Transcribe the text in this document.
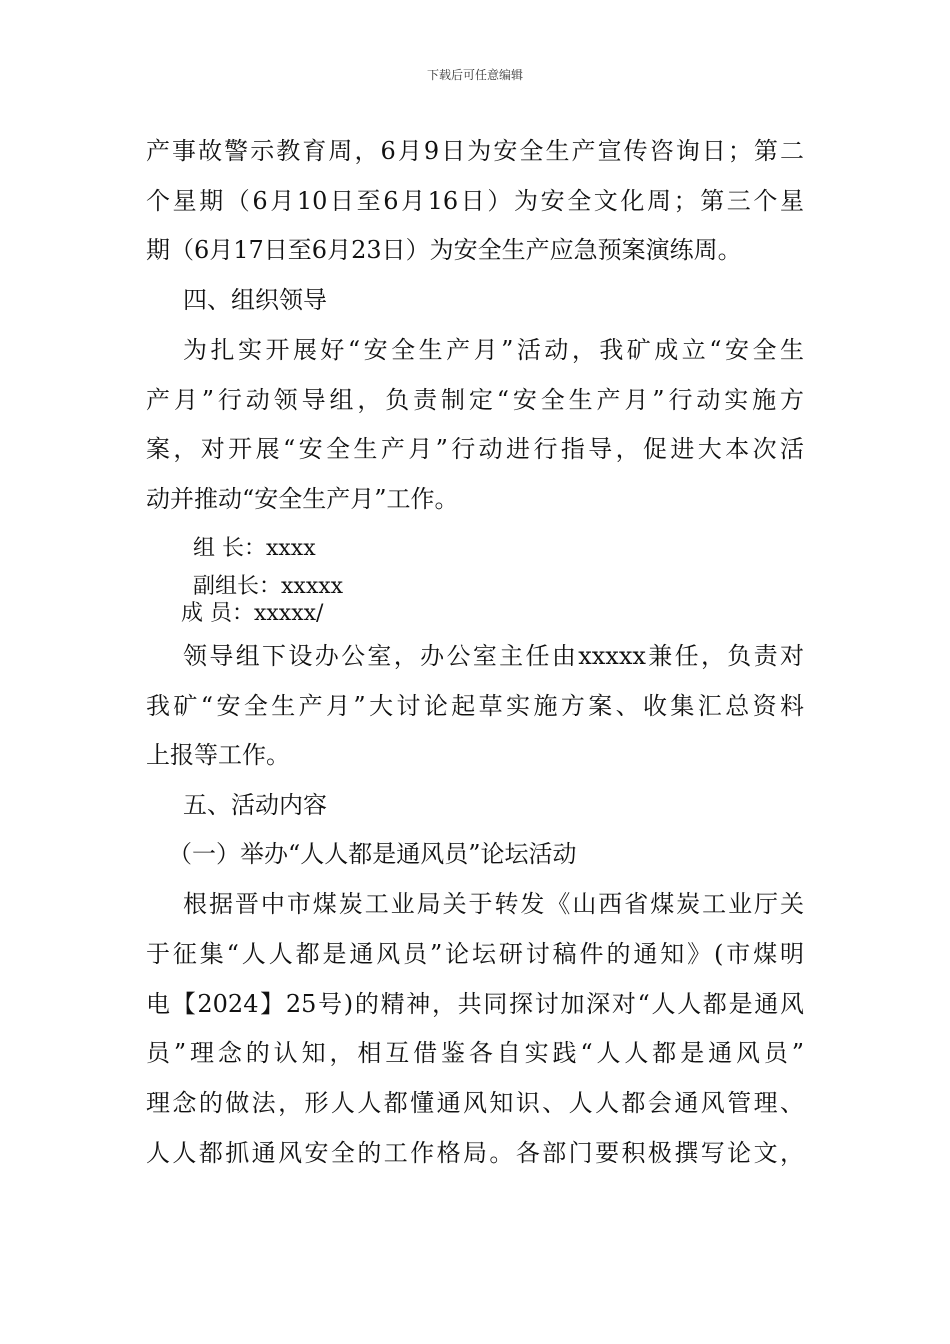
下载后可任意编辑
产事故警示教育周，6月9日为安全生产宣传咨询日；第二
个星期（6月10日至6月16日）为安全文化周；第三个星
期（6月17日至6月23日）为安全生产应急预案演练周。
四、组织领导
为扎实开展好“安全生产月”活动，我矿成立“安全生
产月”行动领导组，负责制定“安全生产月”行动实施方
案，对开展“安全生产月”行动进行指导，促进大本次活
动并推动“安全生产月”工作。
组 长：xxxx
副组长：xxxxx
成 员：xxxxx/
领导组下设办公室，办公室主任由xxxxx兼任，负责对
我矿“安全生产月”大讨论起草实施方案、收集汇总资料
上报等工作。
五、活动内容
（一）举办“人人都是通风员”论坛活动
根据晋中市煤炭工业局关于转发《山西省煤炭工业厅关
于征集“人人都是通风员”论坛研讨稿件的通知》(市煤明
电【2024】25号)的精神，共同探讨加深对“人人都是通风
员”理念的认知，相互借鉴各自实践“人人都是通风员”
理念的做法，形人人都懂通风知识、人人都会通风管理、
人人都抓通风安全的工作格局。各部门要积极撰写论文，
